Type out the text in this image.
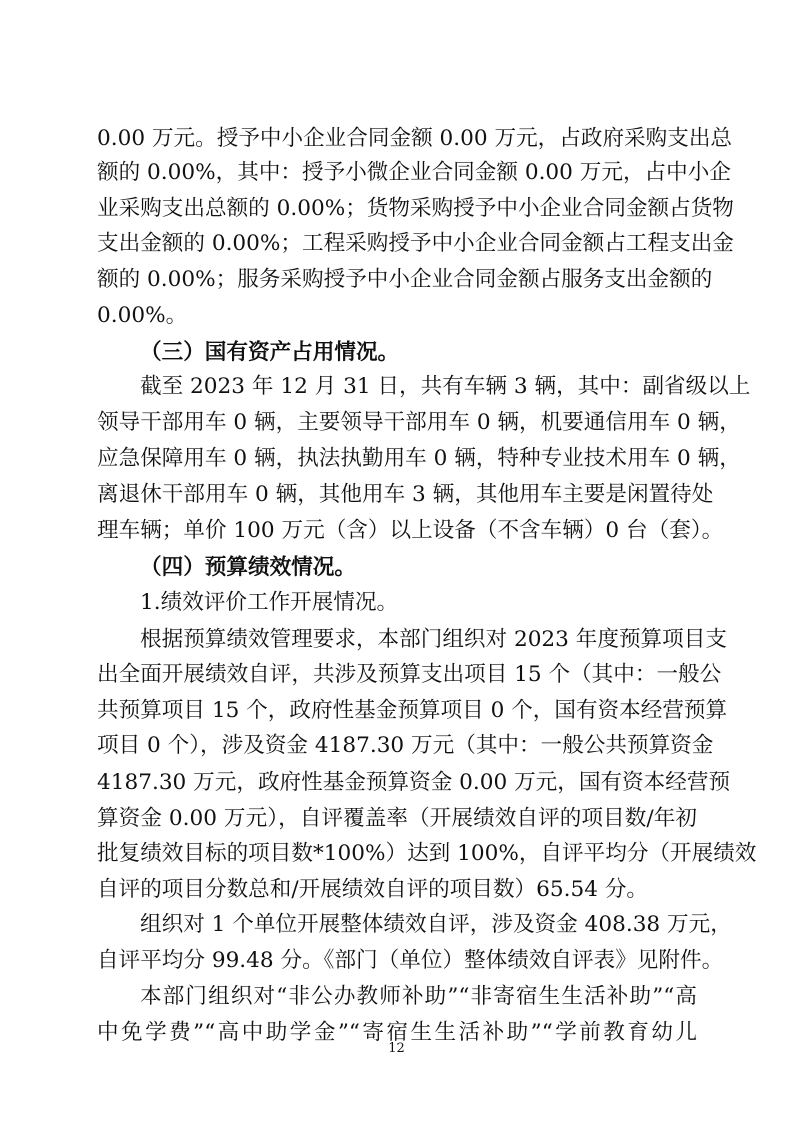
0.00 万元。授予中小企业合同金额 0.00 万元，占政府采购支出总
额的 0.00%，其中：授予小微企业合同金额 0.00 万元，占中小企
业采购支出总额的 0.00%；货物采购授予中小企业合同金额占货物
支出金额的 0.00%；工程采购授予中小企业合同金额占工程支出金
额的 0.00%；服务采购授予中小企业合同金额占服务支出金额的
0.00%。
（三）国有资产占用情况。
截至 2023 年 12 月 31 日，共有车辆 3 辆，其中：副省级以上
领导干部用车 0 辆，主要领导干部用车 0 辆，机要通信用车 0 辆，
应急保障用车 0 辆，执法执勤用车 0 辆，特种专业技术用车 0 辆，
离退休干部用车 0 辆，其他用车 3 辆，其他用车主要是闲置待处
理车辆；单价 100 万元（含）以上设备（不含车辆）0 台（套）。
（四）预算绩效情况。
1.绩效评价工作开展情况。
根据预算绩效管理要求，本部门组织对 2023 年度预算项目支
出全面开展绩效自评，共涉及预算支出项目 15 个（其中：一般公
共预算项目 15 个，政府性基金预算项目 0 个，国有资本经营预算
项目 0 个），涉及资金 4187.30 万元（其中：一般公共预算资金
4187.30 万元，政府性基金预算资金 0.00 万元，国有资本经营预
算资金 0.00 万元），自评覆盖率（开展绩效自评的项目数/年初
批复绩效目标的项目数*100%）达到 100%，自评平均分（开展绩效
自评的项目分数总和/开展绩效自评的项目数）65.54 分。
组织对 1 个单位开展整体绩效自评，涉及资金 408.38 万元，
自评平均分 99.48 分。《部门（单位）整体绩效自评表》见附件。
本部门组织对“非公办教师补助”“非寄宿生生活补助”“高
中免学费”“高中助学金”“寄宿生生活补助”“学前教育幼儿
12
